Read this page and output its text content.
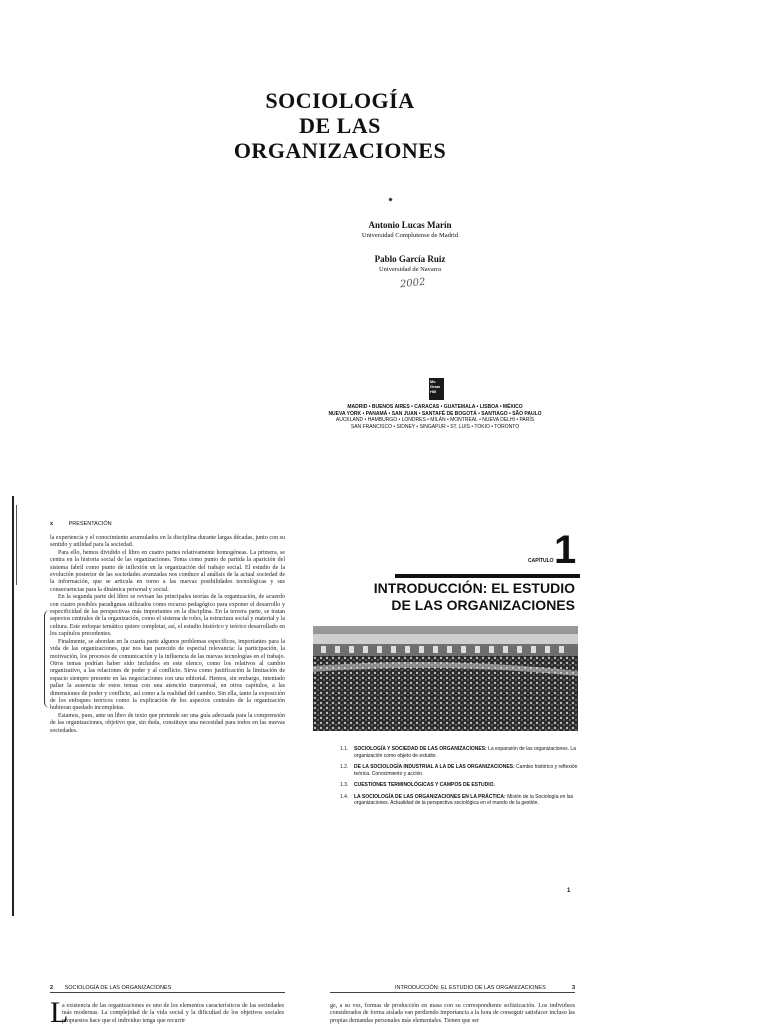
SOCIOLOGÍA
DE LAS
ORGANIZACIONES
Antonio Lucas Marín
Universidad Complutense de Madrid
Pablo García Ruiz
Universidad de Navarra
2002
Mc
Graw
Hill
MADRID • BUENOS AIRES • CARACAS • GUATEMALA • LISBOA • MÉXICO
NUEVA YORK • PANAMÁ • SAN JUAN • SANTAFÉ DE BOGOTÁ • SANTIAGO • SÃO PAULO
AUCKLAND • HAMBURGO • LONDRES • MILÁN • MONTREAL • NUEVA DELHI • PARÍS
SAN FRANCISCO • SIDNEY • SINGAPUR • ST. LUIS • TOKIO • TORONTO
x	PRESENTACIÓN

la experiencia y el conocimiento acumulados en la disciplina durante largas décadas, junto con su sentido y utilidad para la sociedad.

Para ello, hemos dividido el libro en cuatro partes relativamente homogéneas. La primera, se centra en la historia social de las organizaciones. Toma como punto de partida la aparición del sistema fabril como punto de inflexión en la organización del trabajo social. El estudio de la evolución posterior de las sociedades avanzadas nos conduce al análisis de la actual sociedad de la información, que se articula en torno a las nuevas posibilidades tecnológicas y sus consecuencias para la dinámica personal y social.

En la segunda parte del libro se revisan las principales teorías de la organización, de acuerdo con cuatro posibles paradigmas utilizados como recurso pedagógico para exponer el desarrollo y especificidad de las perspectivas más importantes en la disciplina. En la tercera parte, se tratan aspectos centrales de la organización, como el sistema de roles, la estructura social y material y la cultura. Este enfoque temático quiere completar, así, el estudio histórico y teórico desarrollado en los capítulos precedentes.

Finalmente, se abordan en la cuarta parte algunos problemas específicos, importantes para la vida de las organizaciones, que nos han parecido de especial relevancia: la participación, la motivación, los procesos de comunicación y la influencia de las nuevas tecnologías en el trabajo. Otros temas podrían haber sido incluidos en este elenco, como los relativos al cambio organizativo, a las relaciones de poder y al conflicto. Sirva como justificación la limitación de espacio siempre presente en las negociaciones con una editorial. Hemos, sin embargo, intentado paliar la ausencia de estos temas con una atención transversal, en otros capítulos, a las dimensiones de poder y conflicto, así como a la realidad del cambio. Sin ella, tanto la exposición de los enfoques teóricos como la explicación de los aspectos centrales de la organización hubieran quedado incompletas.

Estamos, pues, ante un libro de texto que pretende ser una guía adecuada para la comprensión de las organizaciones, objetivo que, sin duda, constituye una necesidad para todos en las nuevas sociedades.

CAPÍTULO 1
INTRODUCCIÓN: EL ESTUDIO
DE LAS ORGANIZACIONES
1.1.	SOCIOLOGÍA Y SOCIEDAD DE LAS ORGANIZACIONES: La expansión de las organizaciones. La organización como objeto de estudio.
1.2.	DE LA SOCIOLOGÍA INDUSTRIAL A LA DE LAS ORGANIZACIONES: Cambio histórico y reflexión teórica. Conocimiento y acción.
1.3.	CUESTIONES TERMINOLÓGICAS Y CAMPOS DE ESTUDIO.
1.4.	LA SOCIOLOGÍA DE LAS ORGANIZACIONES EN LA PRÁCTICA: Misión de la Sociología en las organizaciones. Actualidad de la perspectiva sociológica en el mundo de la gestión.
1
2 SOCIOLOGÍA DE LAS ORGANIZACIONES
L
a existencia de las organizaciones es uno de los elementos característicos de las sociedades más modernas. La complejidad de la vida social y la dificultad de los objetivos sociales propuestos hace que el individuo tenga que recurrir
INTRODUCCIÓN: EL ESTUDIO DE LAS ORGANIZACIONES	3
ge, a su vez, formas de producción en masa con su correspondiente sofisticación. Los individuos considerados de forma aislada van perdiendo importancia a la hora de conseguir satisfacer incluso las propias demandas personales más elementales. Tienen que ser
